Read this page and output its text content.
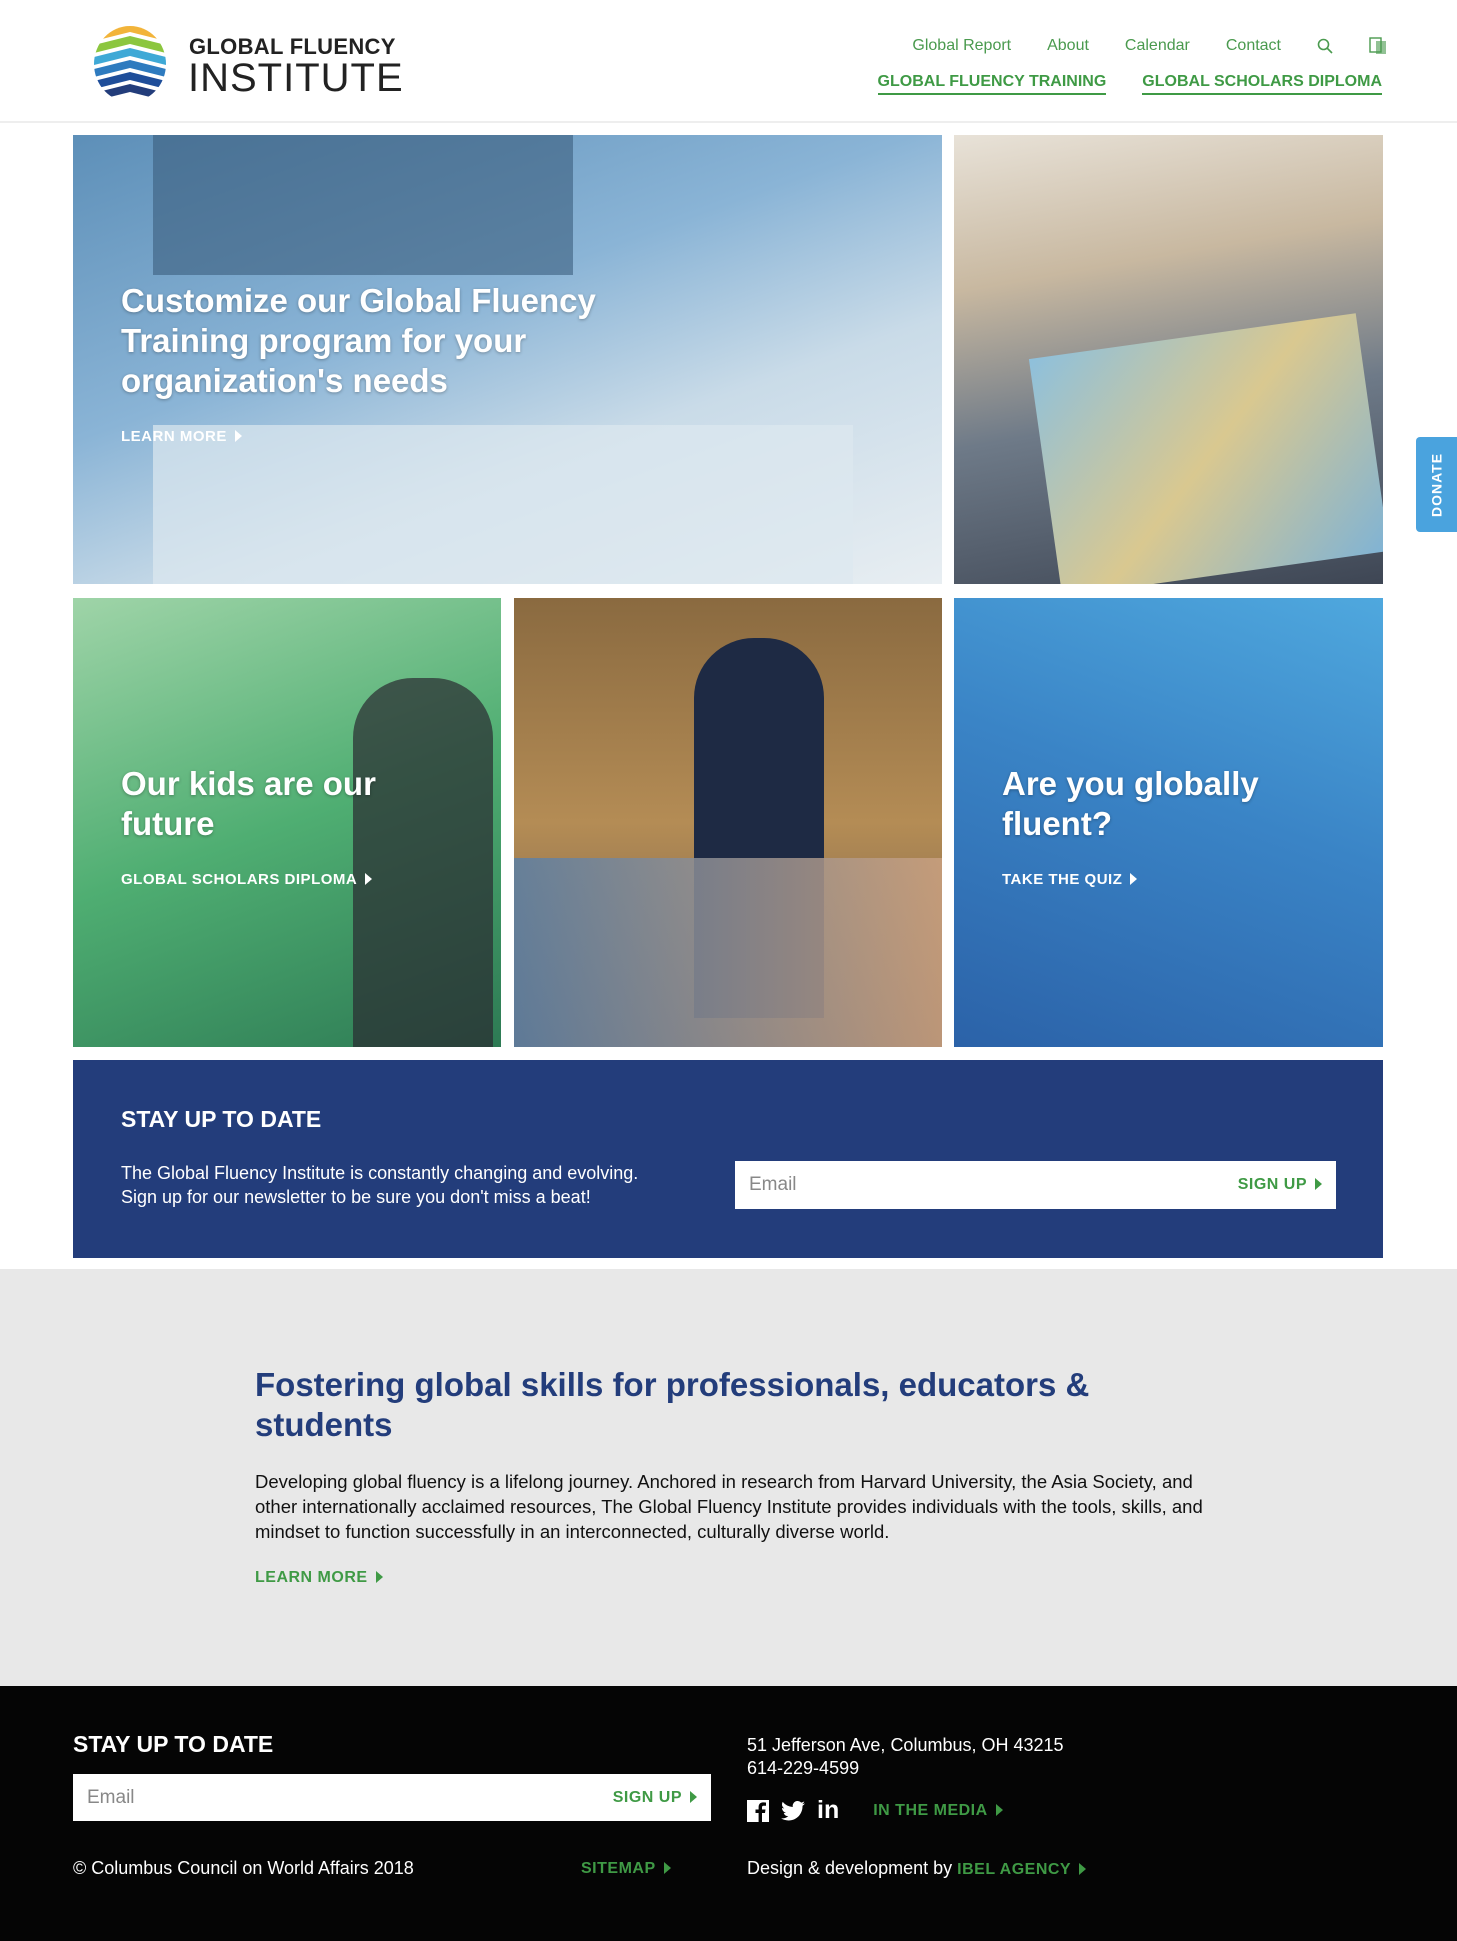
GLOBAL FLUENCY
INSTITUTE
Global Report About Calendar Contact
GLOBAL FLUENCY TRAINING GLOBAL SCHOLARS DIPLOMA
Customize our Global Fluency Training program for your organization's needs
LEARN MORE
Our kids are our future
GLOBAL SCHOLARS DIPLOMA
Are you globally fluent?
TAKE THE QUIZ
DONATE
STAY UP TO DATE
The Global Fluency Institute is constantly changing and evolving.
Sign up for our newsletter to be sure you don't miss a beat!
Email	SIGN UP
Fostering global skills for professionals, educators & students
Developing global fluency is a lifelong journey. Anchored in research from Harvard University, the Asia Society, and other internationally acclaimed resources, The Global Fluency Institute provides individuals with the tools, skills, and mindset to function successfully in an interconnected, culturally diverse world.
LEARN MORE
STAY UP TO DATE
Email	SIGN UP
51 Jefferson Ave, Columbus, OH 43215
614-229-4599
in IN THE MEDIA
© Columbus Council on World Affairs 2018	SITEMAP	Design & development by IBEL AGENCY
